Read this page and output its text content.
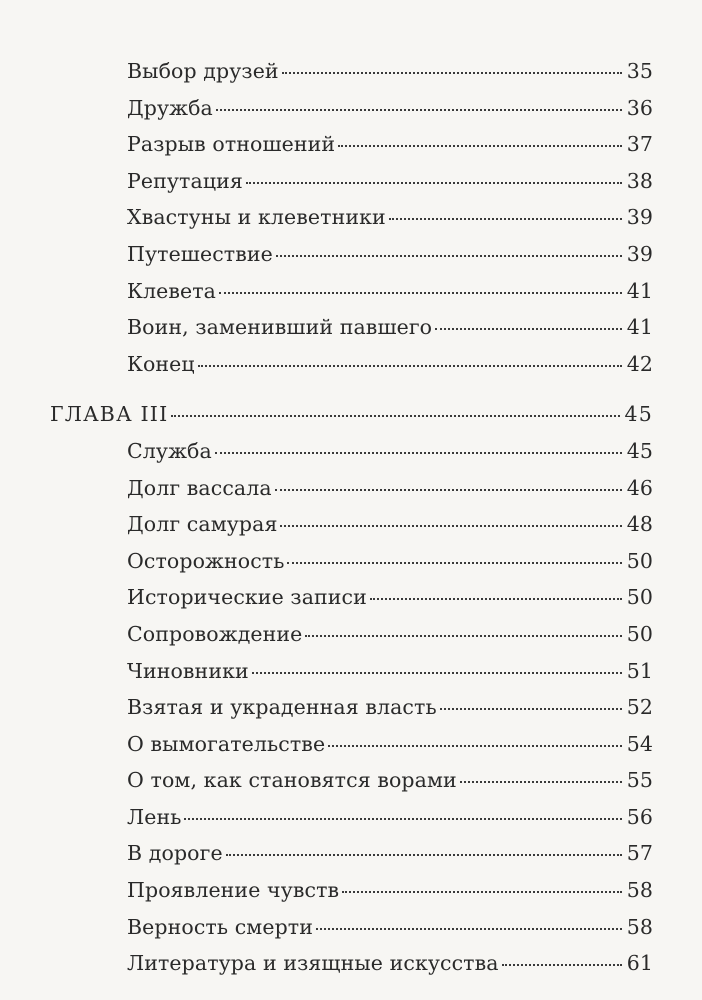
Выбор друзей	35
Дружба	36
Разрыв отношений	37
Репутация	38
Хвастуны и клеветники	39
Путешествие	39
Клевета	41
Воин, заменивший павшего	41
Конец	42
ГЛАВА III	45
Служба	45
Долг вассала	46
Долг самурая	48
Осторожность	50
Исторические записи	50
Сопровождение	50
Чиновники	51
Взятая и украденная власть	52
О вымогательстве	54
О том, как становятся ворами	55
Лень	56
В дороге	57
Проявление чувств	58
Верность смерти	58
Литература и изящные искусства	61
